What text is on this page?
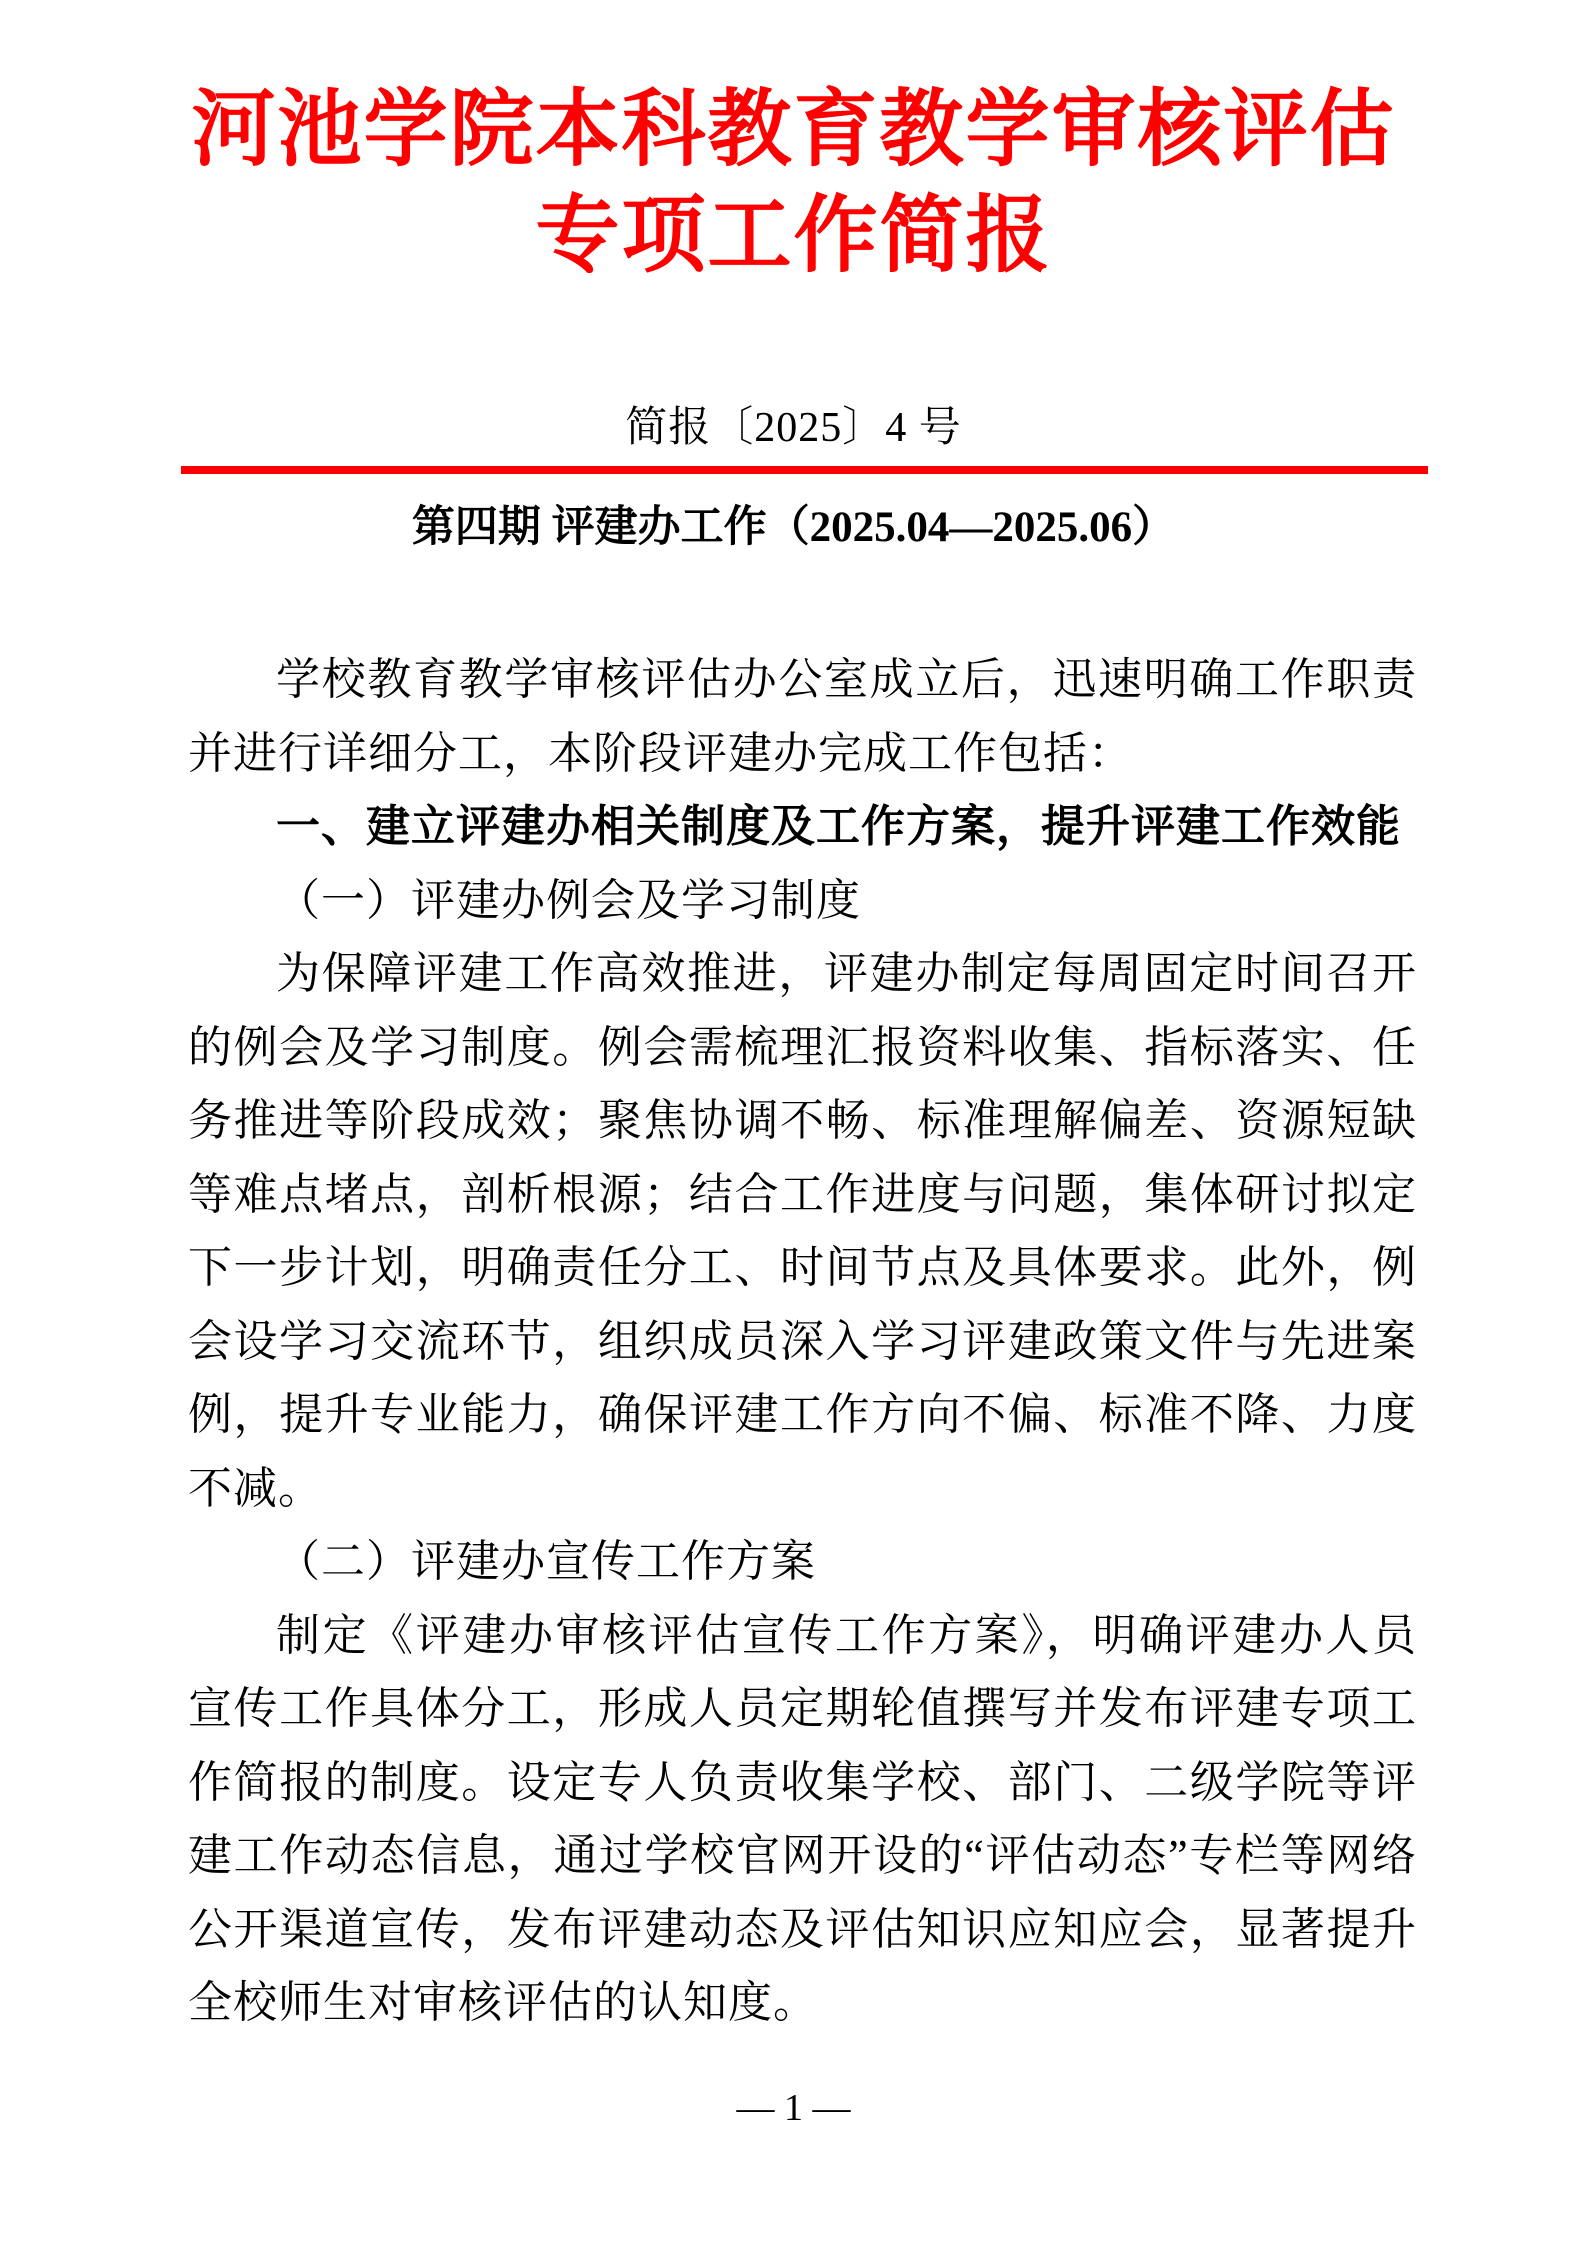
河池学院本科教育教学审核评估
专项工作简报
简报〔2025〕4 号
第四期 评建办工作（2025.04—2025.06）

学校教育教学审核评估办公室成立后，迅速明确工作职责并进行详细分工，本阶段评建办完成工作包括：

一、建立评建办相关制度及工作方案，提升评建工作效能

（一）评建办例会及学习制度

为保障评建工作高效推进，评建办制定每周固定时间召开的例会及学习制度。例会需梳理汇报资料收集、指标落实、任务推进等阶段成效；聚焦协调不畅、标准理解偏差、资源短缺等难点堵点，剖析根源；结合工作进度与问题，集体研讨拟定下一步计划，明确责任分工、时间节点及具体要求。此外，例会设学习交流环节，组织成员深入学习评建政策文件与先进案例，提升专业能力，确保评建工作方向不偏、标准不降、力度不减。

（二）评建办宣传工作方案

制定《评建办审核评估宣传工作方案》，明确评建办人员宣传工作具体分工，形成人员定期轮值撰写并发布评建专项工作简报的制度。设定专人负责收集学校、部门、二级学院等评建工作动态信息，通过学校官网开设的“评估动态”专栏等网络公开渠道宣传，发布评建动态及评估知识应知应会，显著提升全校师生对审核评估的认知度。

— 1 —
